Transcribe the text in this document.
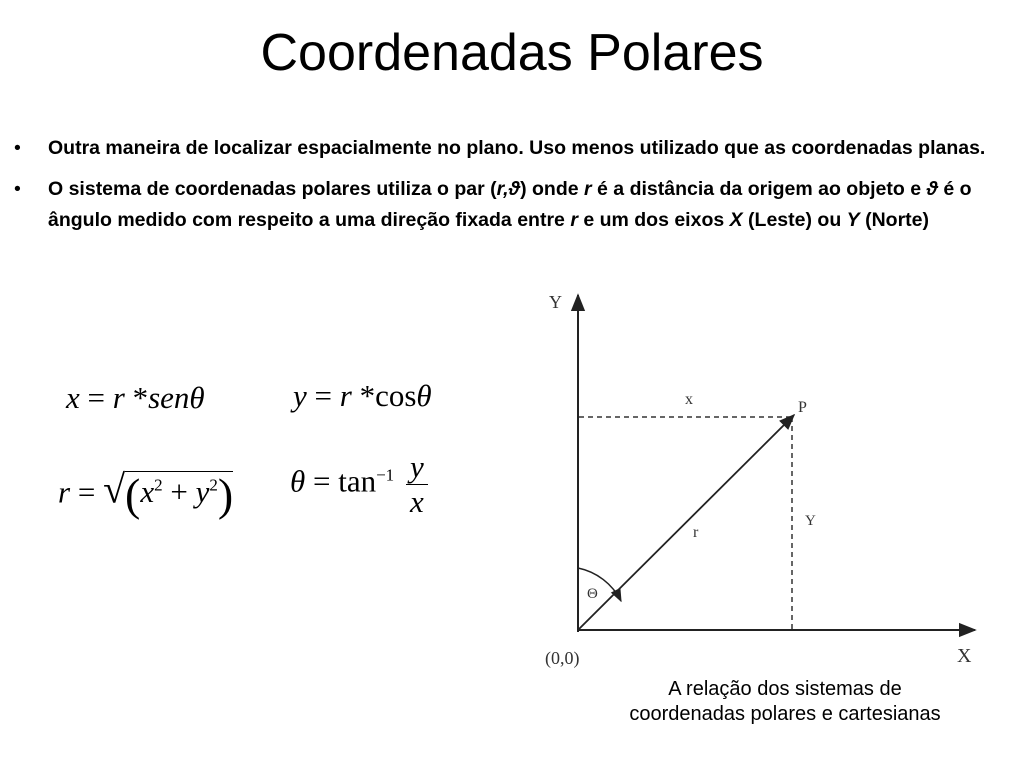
Coordenadas Polares
• Outra maneira de localizar espacialmente no plano. Uso menos utilizado que as coordenadas planas.
• O sistema de coordenadas polares utiliza o par (r,ϑ) onde r é a distância da origem ao objeto e ϑ é o ângulo medido com respeito a uma direção fixada entre r e um dos eixos X (Leste) ou Y (Norte)
x = r *senθ	y = r *cosθ
$r = √(x^2 + y^2) \theta = \tan^{-1} \frac{y}{x}$
Y
X
(0,0)
P
x
Y
r
Θ
A relação dos sistemas de
coordenadas polares e cartesianas
